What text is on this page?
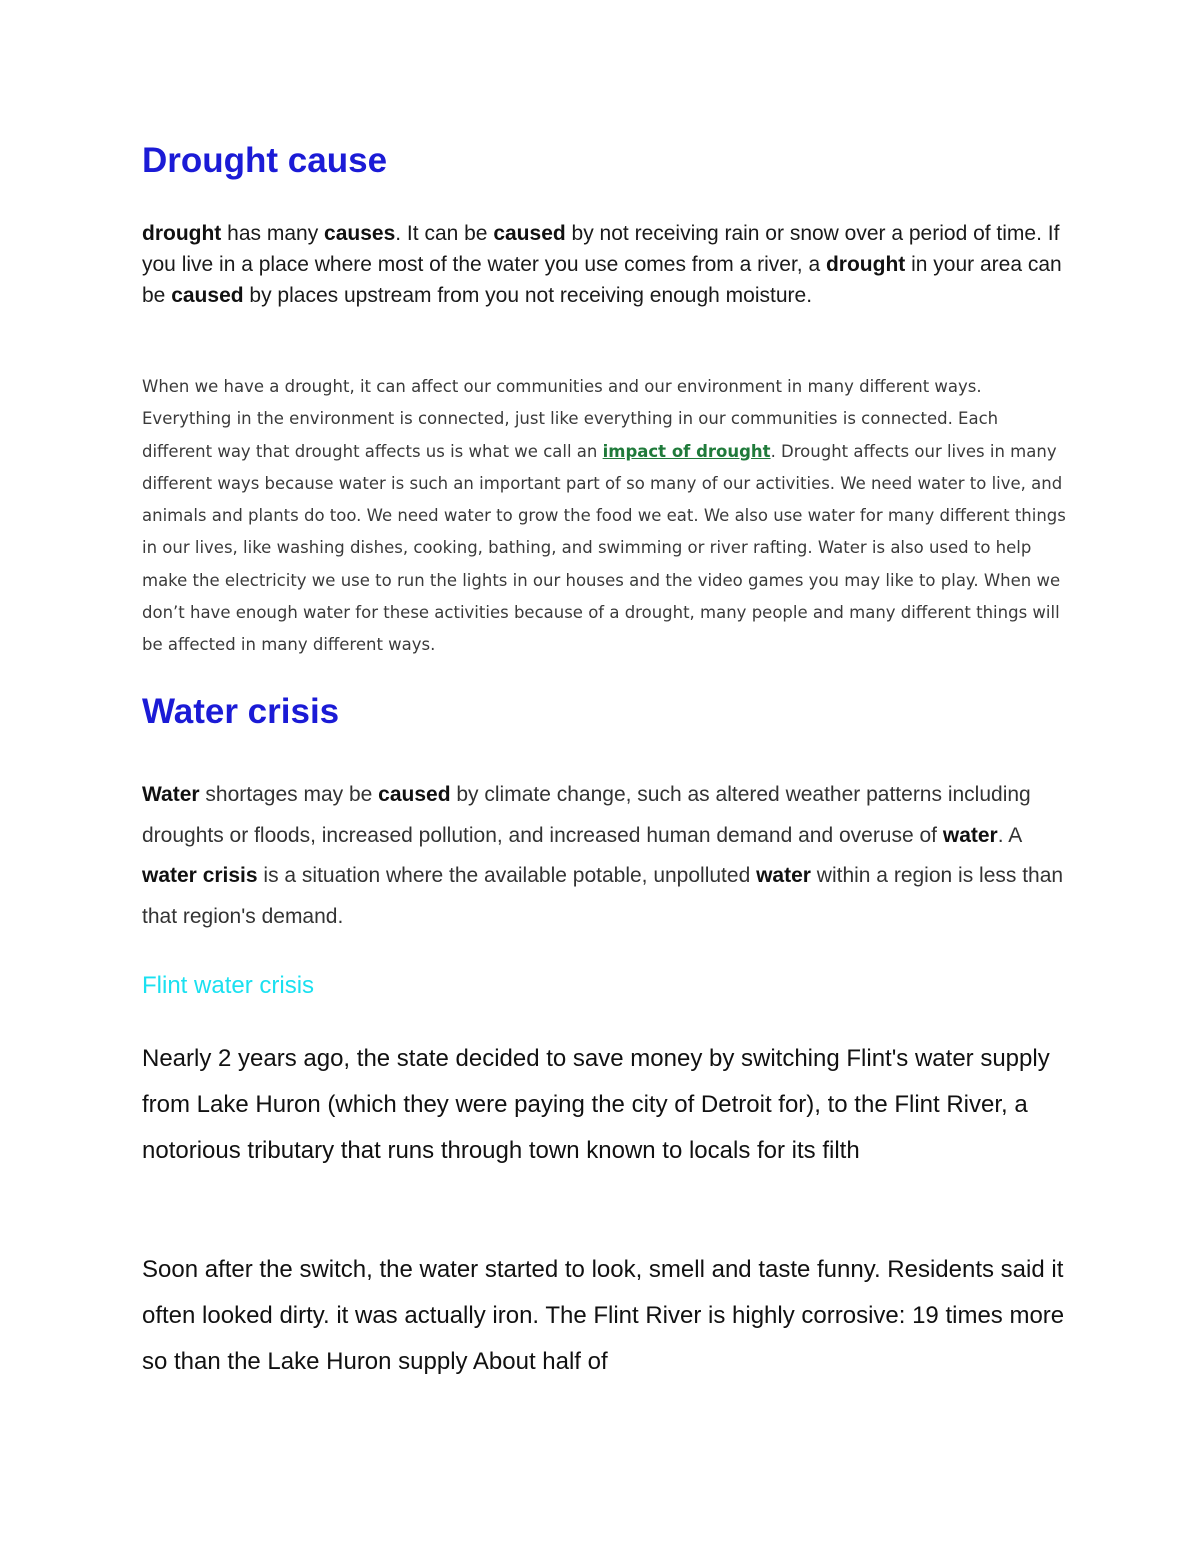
Drought cause

drought has many causes. It can be caused by not receiving rain or snow over a period of time. If you live in a place where most of the water you use comes from a river, a drought in your area can be caused by places upstream from you not receiving enough moisture.

When we have a drought, it can affect our communities and our environment in many different ways. Everything in the environment is connected, just like everything in our communities is connected. Each different way that drought affects us is what we call an impact of drought. Drought affects our lives in many different ways because water is such an important part of so many of our activities. We need water to live, and animals and plants do too. We need water to grow the food we eat. We also use water for many different things in our lives, like washing dishes, cooking, bathing, and swimming or river rafting. Water is also used to help make the electricity we use to run the lights in our houses and the video games you may like to play. When we don’t have enough water for these activities because of a drought, many people and many different things will be affected in many different ways.

Water crisis

Water shortages may be caused by climate change, such as altered weather patterns including droughts or floods, increased pollution, and increased human demand and overuse of water. A water crisis is a situation where the available potable, unpolluted water within a region is less than that region's demand.

Flint water crisis

Nearly 2 years ago, the state decided to save money by switching Flint's water supply from Lake Huron (which they were paying the city of Detroit for), to the Flint River, a notorious tributary that runs through town known to locals for its filth

Soon after the switch, the water started to look, smell and taste funny. Residents said it often looked dirty. it was actually iron. The Flint River is highly corrosive: 19 times more so than the Lake Huron supply About half of
